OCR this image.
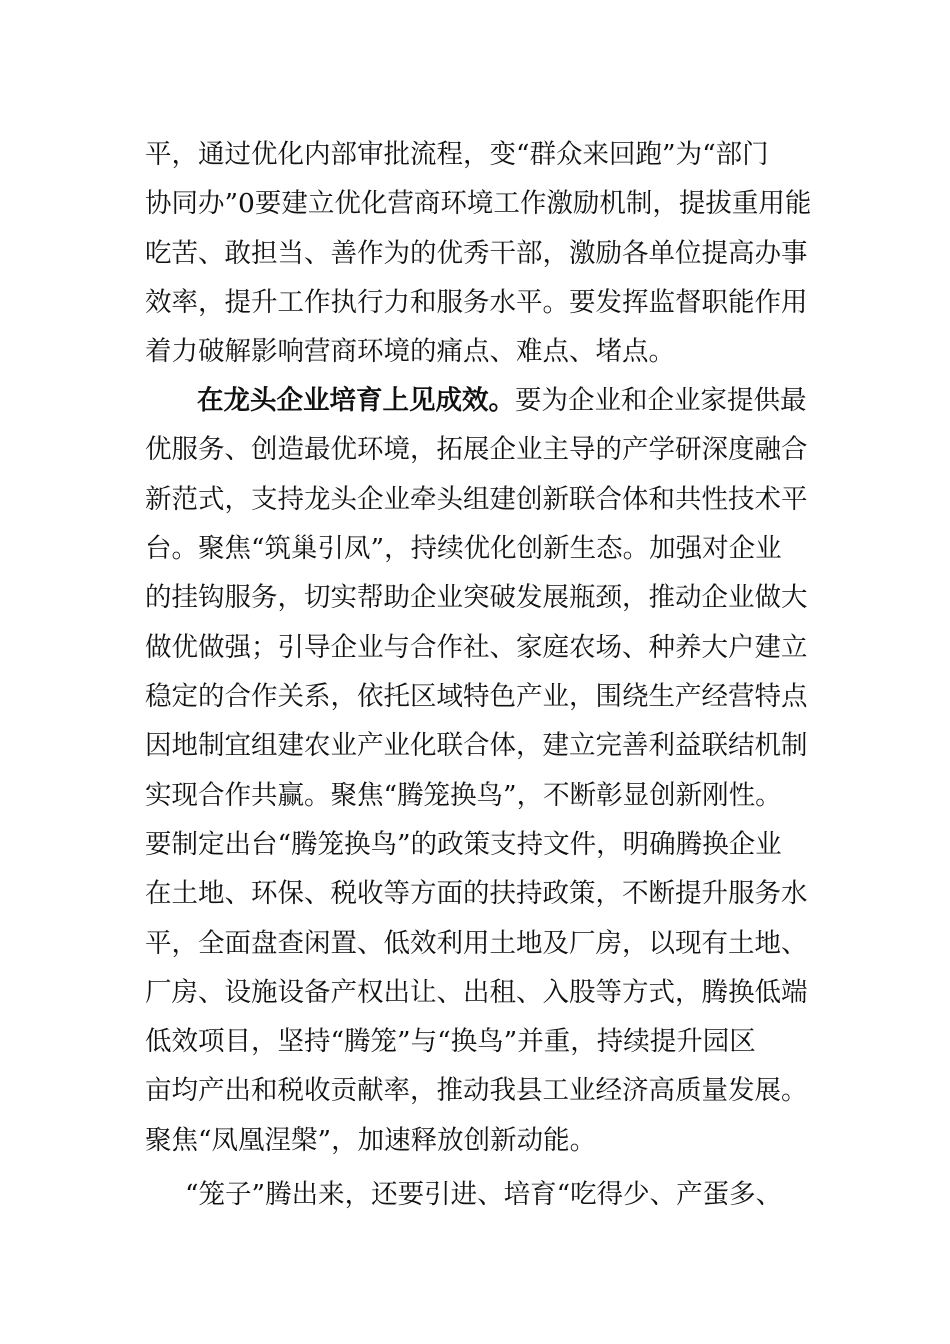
平，通过优化内部审批流程，变“群众来回跑”为“部门
协同办”0要建立优化营商环境工作激励机制，提拔重用能
吃苦、敢担当、善作为的优秀干部，激励各单位提高办事
效率，提升工作执行力和服务水平。要发挥监督职能作用
着力破解影响营商环境的痛点、难点、堵点。
在龙头企业培育上见成效。要为企业和企业家提供最
优服务、创造最优环境，拓展企业主导的产学研深度融合
新范式，支持龙头企业牵头组建创新联合体和共性技术平
台。聚焦“筑巢引凤”，持续优化创新生态。加强对企业
的挂钩服务，切实帮助企业突破发展瓶颈，推动企业做大
做优做强；引导企业与合作社、家庭农场、种养大户建立
稳定的合作关系，依托区域特色产业，围绕生产经营特点
因地制宜组建农业产业化联合体，建立完善利益联结机制
实现合作共赢。聚焦“腾笼换鸟”，不断彰显创新刚性。
要制定出台“腾笼换鸟”的政策支持文件，明确腾换企业
在土地、环保、税收等方面的扶持政策，不断提升服务水
平，全面盘查闲置、低效利用土地及厂房，以现有土地、
厂房、设施设备产权出让、出租、入股等方式，腾换低端
低效项目，坚持“腾笼”与“换鸟”并重，持续提升园区
亩均产出和税收贡献率，推动我县工业经济高质量发展。
聚焦“凤凰涅槃”，加速释放创新动能。
“笼子”腾出来，还要引进、培育“吃得少、产蛋多、
